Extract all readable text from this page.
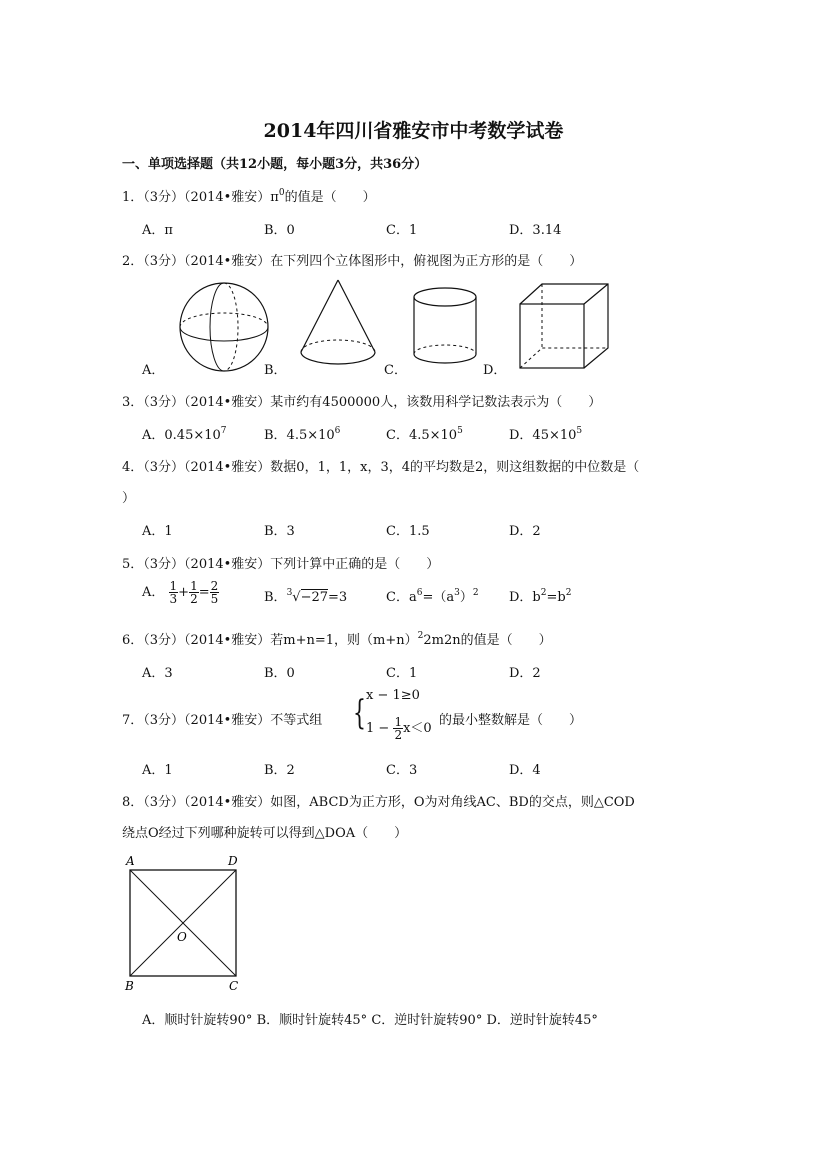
2014年四川省雅安市中考数学试卷
一、单项选择题（共12小题，每小题3分，共36分）
1．（3分）（2014•雅安）$\pi^0$的值是（　　）
A．π	B．0	C．1	D．3.14
2．（3分）（2014•雅安）在下列四个立体图形中，俯视图为正方形的是（　　）
A．	B．	C．	D．
3．（3分）（2014•雅安）某市约有4500000人，该数用科学记数法表示为（　　）
A．$0.45\times 10^7$	B．$4.5\times 10^6$	C．$4.5\times 10^5$	D．$45\times 10^5$
4．（3分）（2014•雅安）数据0，1，1，x，3，4的平均数是2，则这组数据的中位数是（
）
A．1	B．3	C．1.5	D．2
5．（3分）（2014•雅安）下列计算中正确的是（　　）
A． $\frac{1}{3} + \frac{1}{2} = \frac{2}{5}$	B．$^3$√−27=3	C．$a^6=(a^3)^2$ D．$b^2=b^2$
6．（3分）（2014•雅安）若m+n=1，则$(m+n)^22m2n$的值是（　　）
A．3	B．0	C．1	D．2
7．（3分）（2014•雅安）不等式组 { x − 1≥0
$1 - \frac{1}{2} x<0$
的最小整数解是（　　）
A．1	B．2	C．3	D．4
8．（3分）（2014•雅安）如图，ABCD为正方形，O为对角线AC、BD的交点，则△COD
绕点O经过下列哪种旋转可以得到△DOA（　　）
A	D
B	C
O
A．顺时针旋转90° B．顺时针旋转45° C．逆时针旋转90° D．逆时针旋转45°
